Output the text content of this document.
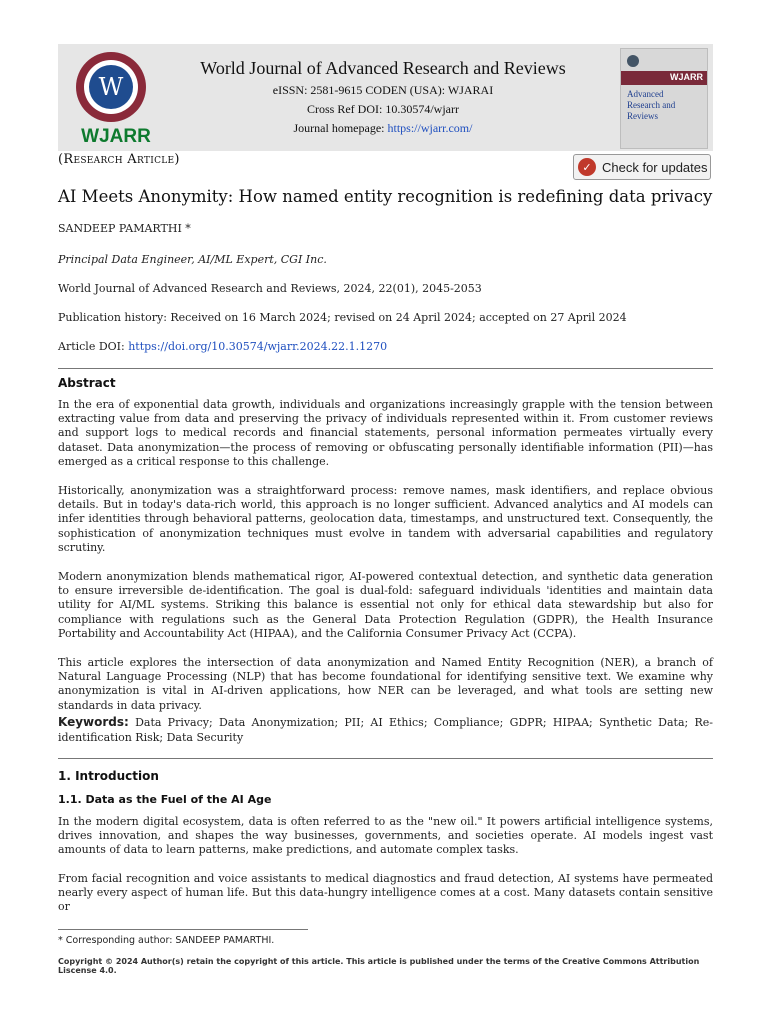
W
WJARR
World Journal of Advanced Research and Reviews
eISSN: 2581-9615 CODEN (USA): WJARAI
Cross Ref DOI: 10.30574/wjarr
Journal homepage: https://wjarr.com/
WJARR
Advanced
Research and
Reviews
(Research Article)
✓ Check for updates
AI Meets Anonymity: How named entity recognition is redefining data privacy
SANDEEP PAMARTHI *
Principal Data Engineer, AI/ML Expert, CGI Inc.
World Journal of Advanced Research and Reviews, 2024, 22(01), 2045-2053
Publication history: Received on 16 March 2024; revised on 24 April 2024; accepted on 27 April 2024
Article DOI: https://doi.org/10.30574/wjarr.2024.22.1.1270
Abstract

In the era of exponential data growth, individuals and organizations increasingly grapple with the tension between extracting value from data and preserving the privacy of individuals represented within it. From customer reviews and support logs to medical records and financial statements, personal information permeates virtually every dataset. Data anonymization—the process of removing or obfuscating personally identifiable information (PII)—has emerged as a critical response to this challenge.

Historically, anonymization was a straightforward process: remove names, mask identifiers, and replace obvious details. But in today's data-rich world, this approach is no longer sufficient. Advanced analytics and AI models can infer identities through behavioral patterns, geolocation data, timestamps, and unstructured text. Consequently, the sophistication of anonymization techniques must evolve in tandem with adversarial capabilities and regulatory scrutiny.

Modern anonymization blends mathematical rigor, AI-powered contextual detection, and synthetic data generation to ensure irreversible de-identification. The goal is dual-fold: safeguard individuals 'identities and maintain data utility for AI/ML systems. Striking this balance is essential not only for ethical data stewardship but also for compliance with regulations such as the General Data Protection Regulation (GDPR), the Health Insurance Portability and Accountability Act (HIPAA), and the California Consumer Privacy Act (CCPA).

This article explores the intersection of data anonymization and Named Entity Recognition (NER), a branch of Natural Language Processing (NLP) that has become foundational for identifying sensitive text. We examine why anonymization is vital in AI-driven applications, how NER can be leveraged, and what tools are setting new standards in data privacy.

Keywords: Data Privacy; Data Anonymization; PII; AI Ethics; Compliance; GDPR; HIPAA; Synthetic Data; Re-identification Risk; Data Security
1. Introduction
1.1. Data as the Fuel of the AI Age

In the modern digital ecosystem, data is often referred to as the "new oil." It powers artificial intelligence systems, drives innovation, and shapes the way businesses, governments, and societies operate. AI models ingest vast amounts of data to learn patterns, make predictions, and automate complex tasks.

From facial recognition and voice assistants to medical diagnostics and fraud detection, AI systems have permeated nearly every aspect of human life. But this data-hungry intelligence comes at a cost. Many datasets contain sensitive or

* Corresponding author: SANDEEP PAMARTHI.
Copyright © 2024 Author(s) retain the copyright of this article. This article is published under the terms of the Creative Commons Attribution Liscense 4.0.
